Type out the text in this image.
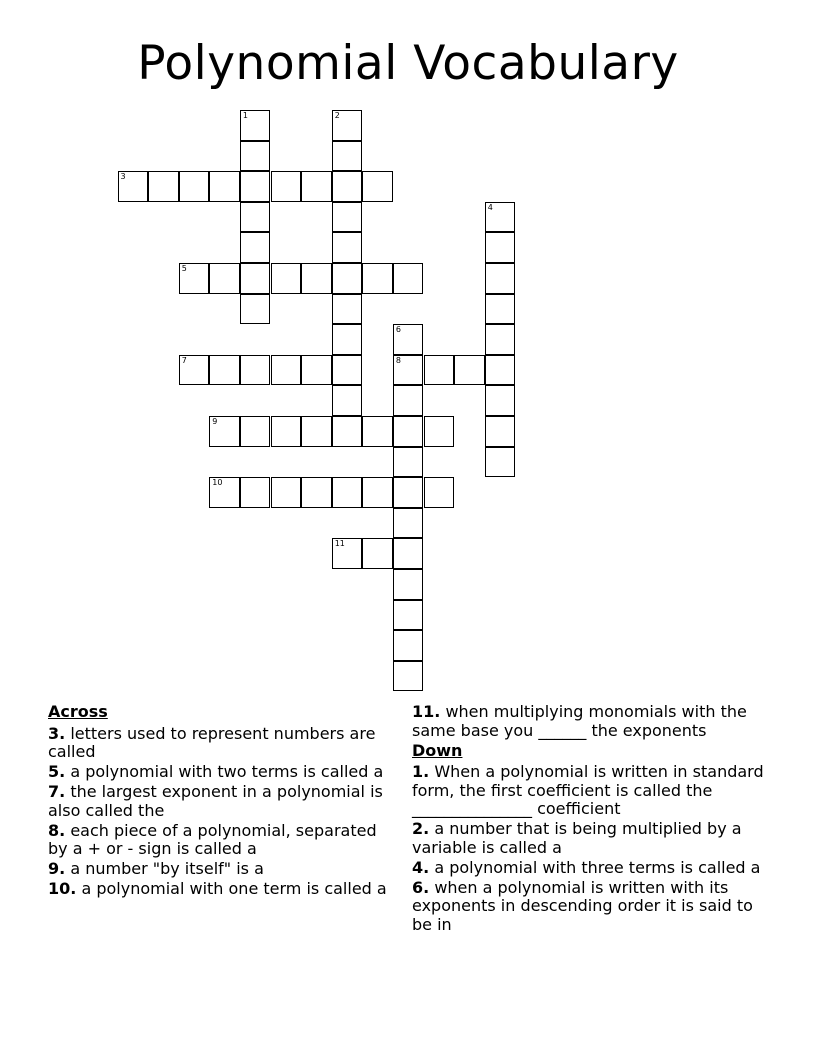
Polynomial Vocabulary
1	2
3
4
5
6
8
7
9
10
11
Across
3. letters used to represent numbers are called
5. a polynomial with two terms is called a
7. the largest exponent in a polynomial is also called the
8. each piece of a polynomial, separated by a + or - sign is called a
9. a number "by itself" is a
10. a polynomial with one term is called a
11. when multiplying monomials with the same base you ______ the exponents
Down
1. When a polynomial is written in standard form, the first coefficient is called the _______________ coefficient
2. a number that is being multiplied by a variable is called a
4. a polynomial with three terms is called a
6. when a polynomial is written with its exponents in descending order it is said to be in
